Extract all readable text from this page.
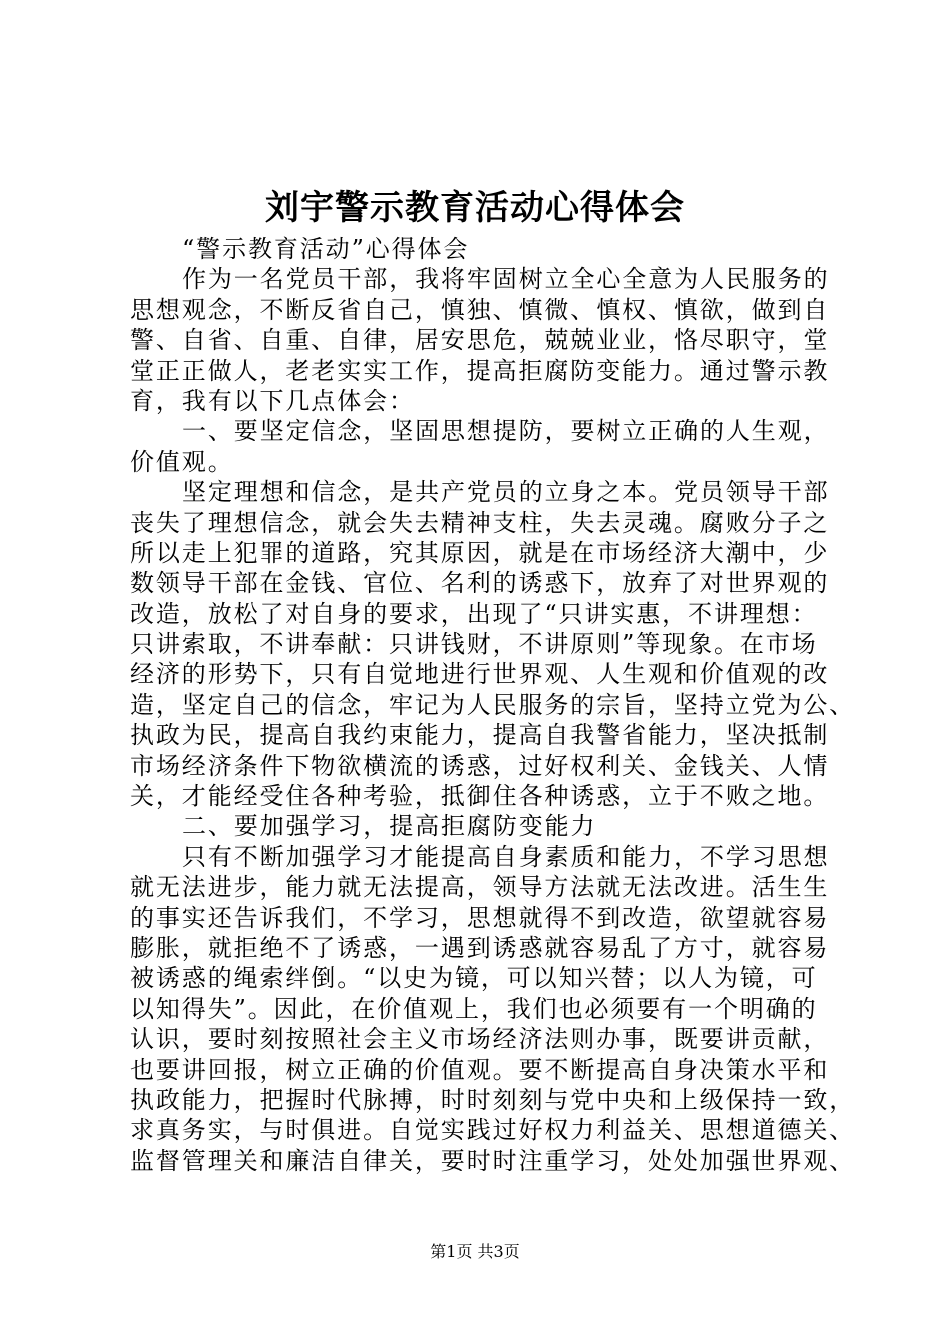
刘宇警示教育活动心得体会
“警示教育活动”心得体会
作为一名党员干部，我将牢固树立全心全意为人民服务的
思想观念，不断反省自己，慎独、慎微、慎权、慎欲，做到自
警、自省、自重、自律，居安思危，兢兢业业，恪尽职守，堂
堂正正做人，老老实实工作，提高拒腐防变能力。通过警示教
育，我有以下几点体会：
一、要坚定信念，坚固思想提防，要树立正确的人生观，
价值观。
坚定理想和信念，是共产党员的立身之本。党员领导干部
丧失了理想信念，就会失去精神支柱，失去灵魂。腐败分子之
所以走上犯罪的道路，究其原因，就是在市场经济大潮中，少
数领导干部在金钱、官位、名利的诱惑下，放弃了对世界观的
改造，放松了对自身的要求，出现了“只讲实惠，不讲理想：
只讲索取，不讲奉献：只讲钱财，不讲原则”等现象。在市场
经济的形势下，只有自觉地进行世界观、人生观和价值观的改
造，坚定自己的信念，牢记为人民服务的宗旨，坚持立党为公、
执政为民，提高自我约束能力，提高自我警省能力，坚决抵制
市场经济条件下物欲横流的诱惑，过好权利关、金钱关、人情
关，才能经受住各种考验，抵御住各种诱惑，立于不败之地。
二、要加强学习，提高拒腐防变能力
只有不断加强学习才能提高自身素质和能力，不学习思想
就无法进步，能力就无法提高，领导方法就无法改进。活生生
的事实还告诉我们，不学习，思想就得不到改造，欲望就容易
膨胀，就拒绝不了诱惑，一遇到诱惑就容易乱了方寸，就容易
被诱惑的绳索绊倒。“以史为镜，可以知兴替；以人为镜，可
以知得失”。因此，在价值观上，我们也必须要有一个明确的
认识，要时刻按照社会主义市场经济法则办事，既要讲贡献，
也要讲回报，树立正确的价值观。要不断提高自身决策水平和
执政能力，把握时代脉搏，时时刻刻与党中央和上级保持一致，
求真务实，与时俱进。自觉实践过好权力利益关、思想道德关、
监督管理关和廉洁自律关，要时时注重学习，处处加强世界观、
第1页 共3页
